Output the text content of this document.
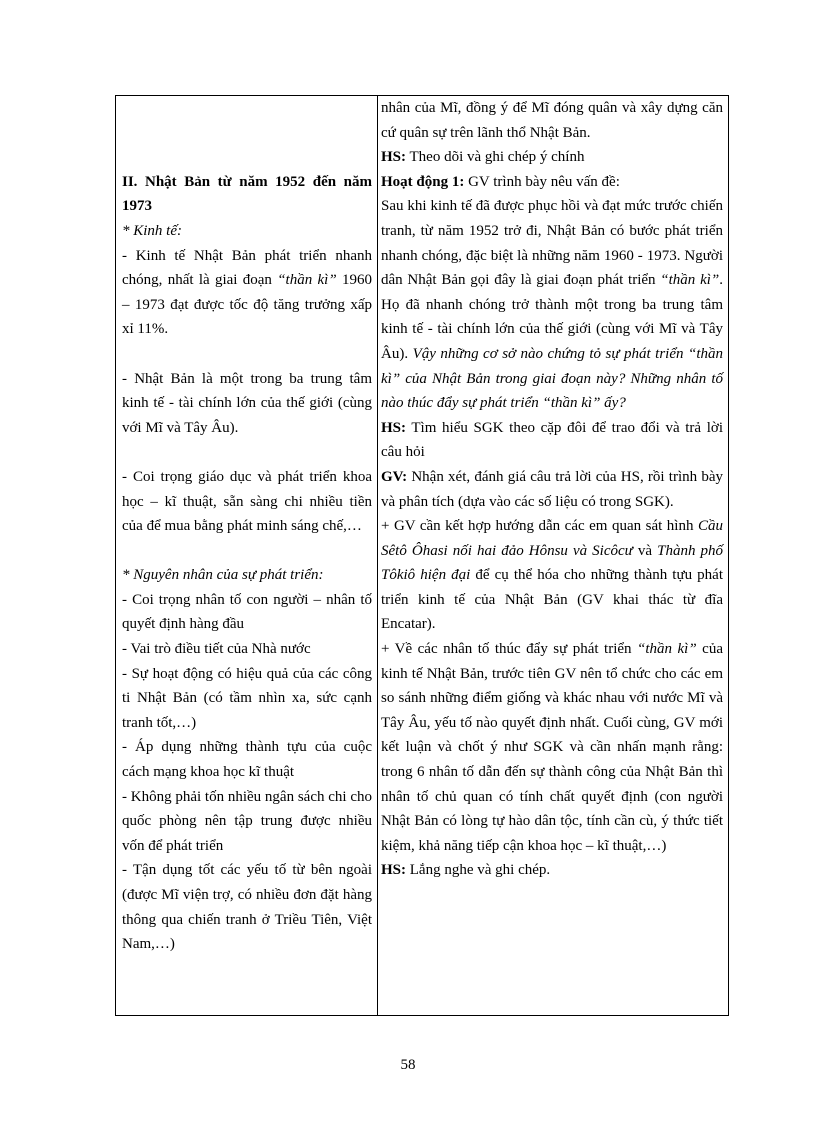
II. Nhật Bản từ năm 1952 đến năm 1973

* Kinh tế:

- Kinh tế Nhật Bản phát triển nhanh chóng, nhất là giai đoạn “thần kì” 1960 – 1973 đạt được tốc độ tăng trưởng xấp xỉ 11%.

- Nhật Bản là một trong ba trung tâm kinh tế - tài chính lớn của thế giới (cùng với Mĩ và Tây Âu).

- Coi trọng giáo dục và phát triển khoa học – kĩ thuật, sẵn sàng chi nhiều tiền của để mua bằng phát minh sáng chế,…

* Nguyên nhân của sự phát triển:

- Coi trọng nhân tố con người – nhân tố quyết định hàng đầu

- Vai trò điều tiết của Nhà nước

- Sự hoạt động có hiệu quả của các công ti Nhật Bản (có tầm nhìn xa, sức cạnh tranh tốt,…)

- Áp dụng những thành tựu của cuộc cách mạng khoa học kĩ thuật

- Không phải tốn nhiều ngân sách chi cho quốc phòng nên tập trung được nhiều vốn để phát triển

- Tận dụng tốt các yếu tố từ bên ngoài (được Mĩ viện trợ, có nhiều đơn đặt hàng thông qua chiến tranh ở Triều Tiên, Việt Nam,…)

nhân của Mĩ, đồng ý để Mĩ đóng quân và xây dựng căn cứ quân sự trên lãnh thổ Nhật Bản.

HS: Theo dõi và ghi chép ý chính

Hoạt động 1: GV trình bày nêu vấn đề:

Sau khi kinh tế đã được phục hồi và đạt mức trước chiến tranh, từ năm 1952 trở đi, Nhật Bản có bước phát triển nhanh chóng, đặc biệt là những năm 1960 - 1973. Người dân Nhật Bản gọi đây là giai đoạn phát triển “thần kì”. Họ đã nhanh chóng trở thành một trong ba trung tâm kinh tế - tài chính lớn của thế giới (cùng với Mĩ và Tây Âu). Vậy những cơ sở nào chứng tỏ sự phát triển “thần kì” của Nhật Bản trong giai đoạn này? Những nhân tố nào thúc đẩy sự phát triển “thần kì” ấy?

HS: Tìm hiểu SGK theo cặp đôi để trao đổi và trả lời câu hỏi

GV: Nhận xét, đánh giá câu trả lời của HS, rồi trình bày và phân tích (dựa vào các số liệu có trong SGK).

+ GV cần kết hợp hướng dẫn các em quan sát hình Cầu Sêtô Ôhasi nối hai đảo Hônsu và Sicôcư và Thành phố Tôkiô hiện đại để cụ thể hóa cho những thành tựu phát triển kinh tế của Nhật Bản (GV khai thác từ đĩa Encatar).

+ Về các nhân tố thúc đẩy sự phát triển “thần kì” của kinh tế Nhật Bản, trước tiên GV nên tổ chức cho các em so sánh những điểm giống và khác nhau với nước Mĩ và Tây Âu, yếu tố nào quyết định nhất. Cuối cùng, GV mới kết luận và chốt ý như SGK và cần nhấn mạnh rằng: trong 6 nhân tố dẫn đến sự thành công của Nhật Bản thì nhân tố chủ quan có tính chất quyết định (con người Nhật Bản có lòng tự hào dân tộc, tính cần cù, ý thức tiết kiệm, khả năng tiếp cận khoa học – kĩ thuật,…)

HS: Lắng nghe và ghi chép.

58
